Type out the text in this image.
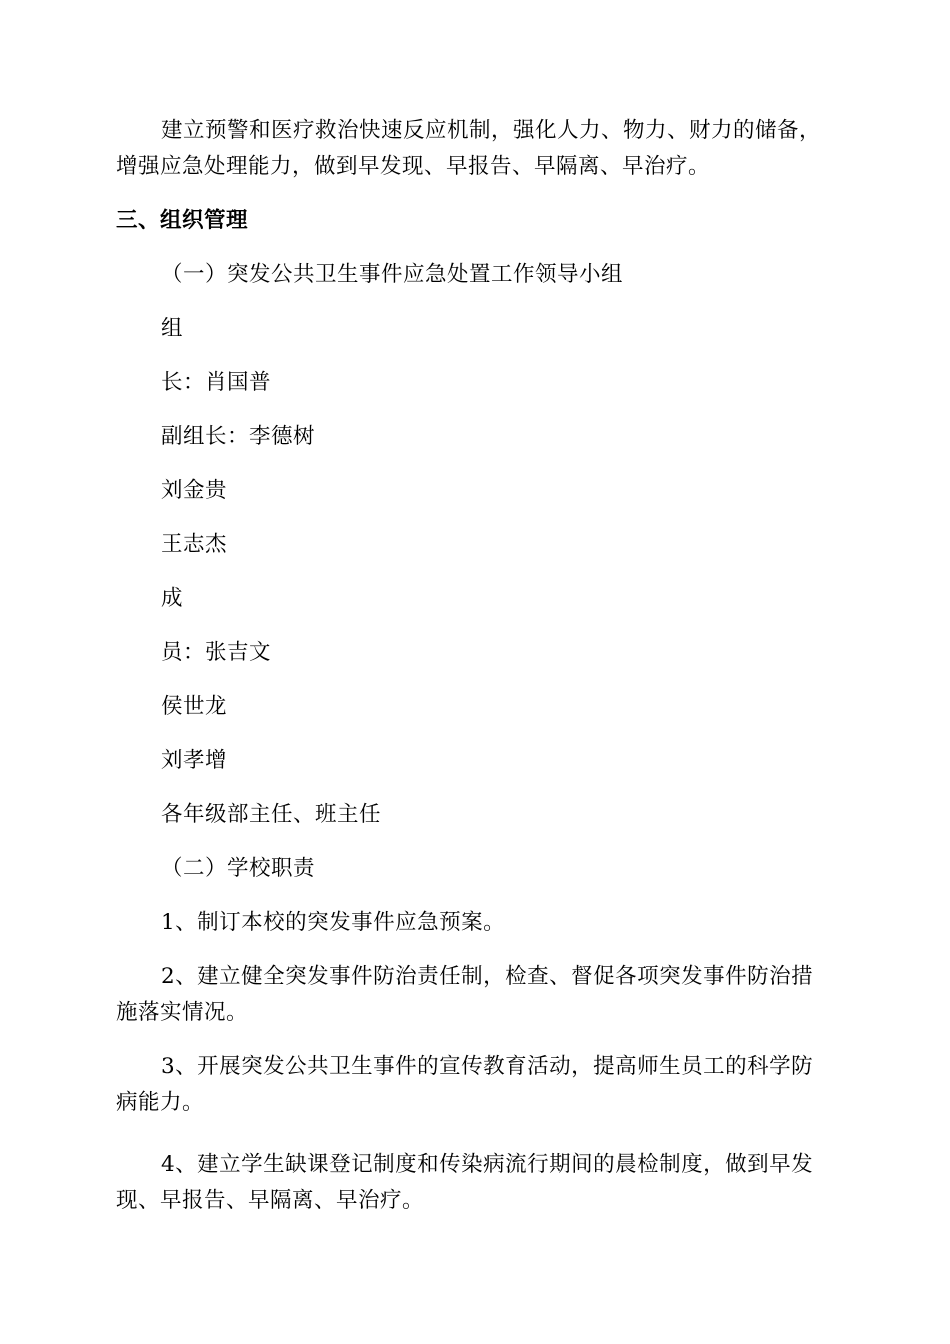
建立预警和医疗救治快速反应机制，强化人力、物力、财力的储备，
增强应急处理能力，做到早发现、早报告、早隔离、早治疗。
三、组织管理
（一）突发公共卫生事件应急处置工作领导小组
组
长：肖国普
副组长：李德树
刘金贵
王志杰
成
员：张吉文
侯世龙
刘孝增
各年级部主任、班主任
（二）学校职责
1、制订本校的突发事件应急预案。
2、建立健全突发事件防治责任制，检查、督促各项突发事件防治措
施落实情况。
3、开展突发公共卫生事件的宣传教育活动，提高师生员工的科学防
病能力。
4、建立学生缺课登记制度和传染病流行期间的晨检制度，做到早发
现、早报告、早隔离、早治疗。
